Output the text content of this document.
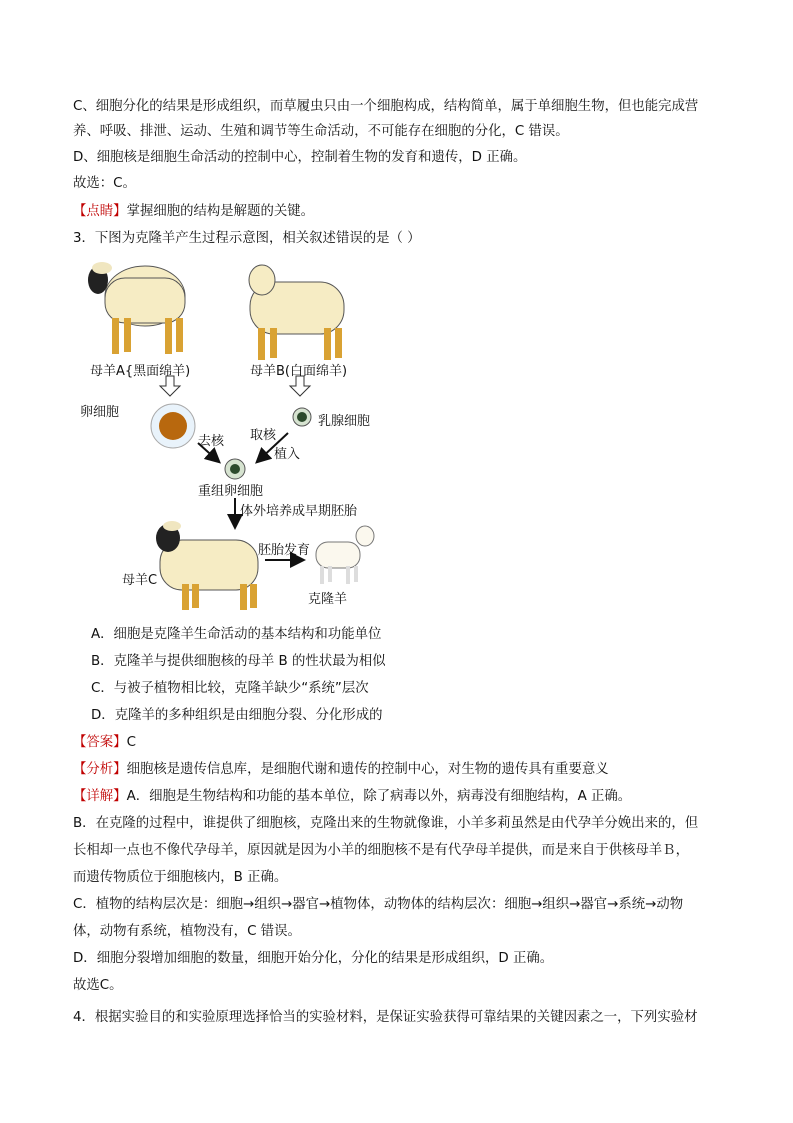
C、细胞分化的结果是形成组织，而草履虫只由一个细胞构成，结构简单，属于单细胞生物，但也能完成营
养、呼吸、排泄、运动、生殖和调节等生命活动，不可能存在细胞的分化，C 错误。
D、细胞核是细胞生命活动的控制中心，控制着生物的发育和遗传，D 正确。
故选：C。
【点睛】掌握细胞的结构是解题的关键。
3．下图为克隆羊产生过程示意图，相关叙述错误的是（ ）
母羊A{黑面绵羊)	母羊B(白面绵羊)
卵细胞
乳腺细胞
去核 取核
植入
重组卵细胞
体外培养成早期胚胎
母羊C
胚胎发育
克隆羊
A．细胞是克隆羊生命活动的基本结构和功能单位
B．克隆羊与提供细胞核的母羊 B 的性状最为相似
C．与被子植物相比较，克隆羊缺少“系统”层次
D．克隆羊的多种组织是由细胞分裂、分化形成的
【答案】C
【分析】细胞核是遗传信息库，是细胞代谢和遗传的控制中心，对生物的遗传具有重要意义
【详解】A．细胞是生物结构和功能的基本单位，除了病毒以外，病毒没有细胞结构，A 正确。
B．在克隆的过程中，谁提供了细胞核，克隆出来的生物就像谁，小羊多莉虽然是由代孕羊分娩出来的，但
长相却一点也不像代孕母羊，原因就是因为小羊的细胞核不是有代孕母羊提供，而是来自于供核母羊Ｂ，
而遗传物质位于细胞核内，B 正确。
C．植物的结构层次是：细胞→组织→器官→植物体，动物体的结构层次：细胞→组织→器官→系统→动物
体，动物有系统，植物没有，C 错误。
D．细胞分裂增加细胞的数量，细胞开始分化，分化的结果是形成组织，D 正确。
故选C。
4．根据实验目的和实验原理选择恰当的实验材料，是保证实验获得可靠结果的关键因素之一，下列实验材
